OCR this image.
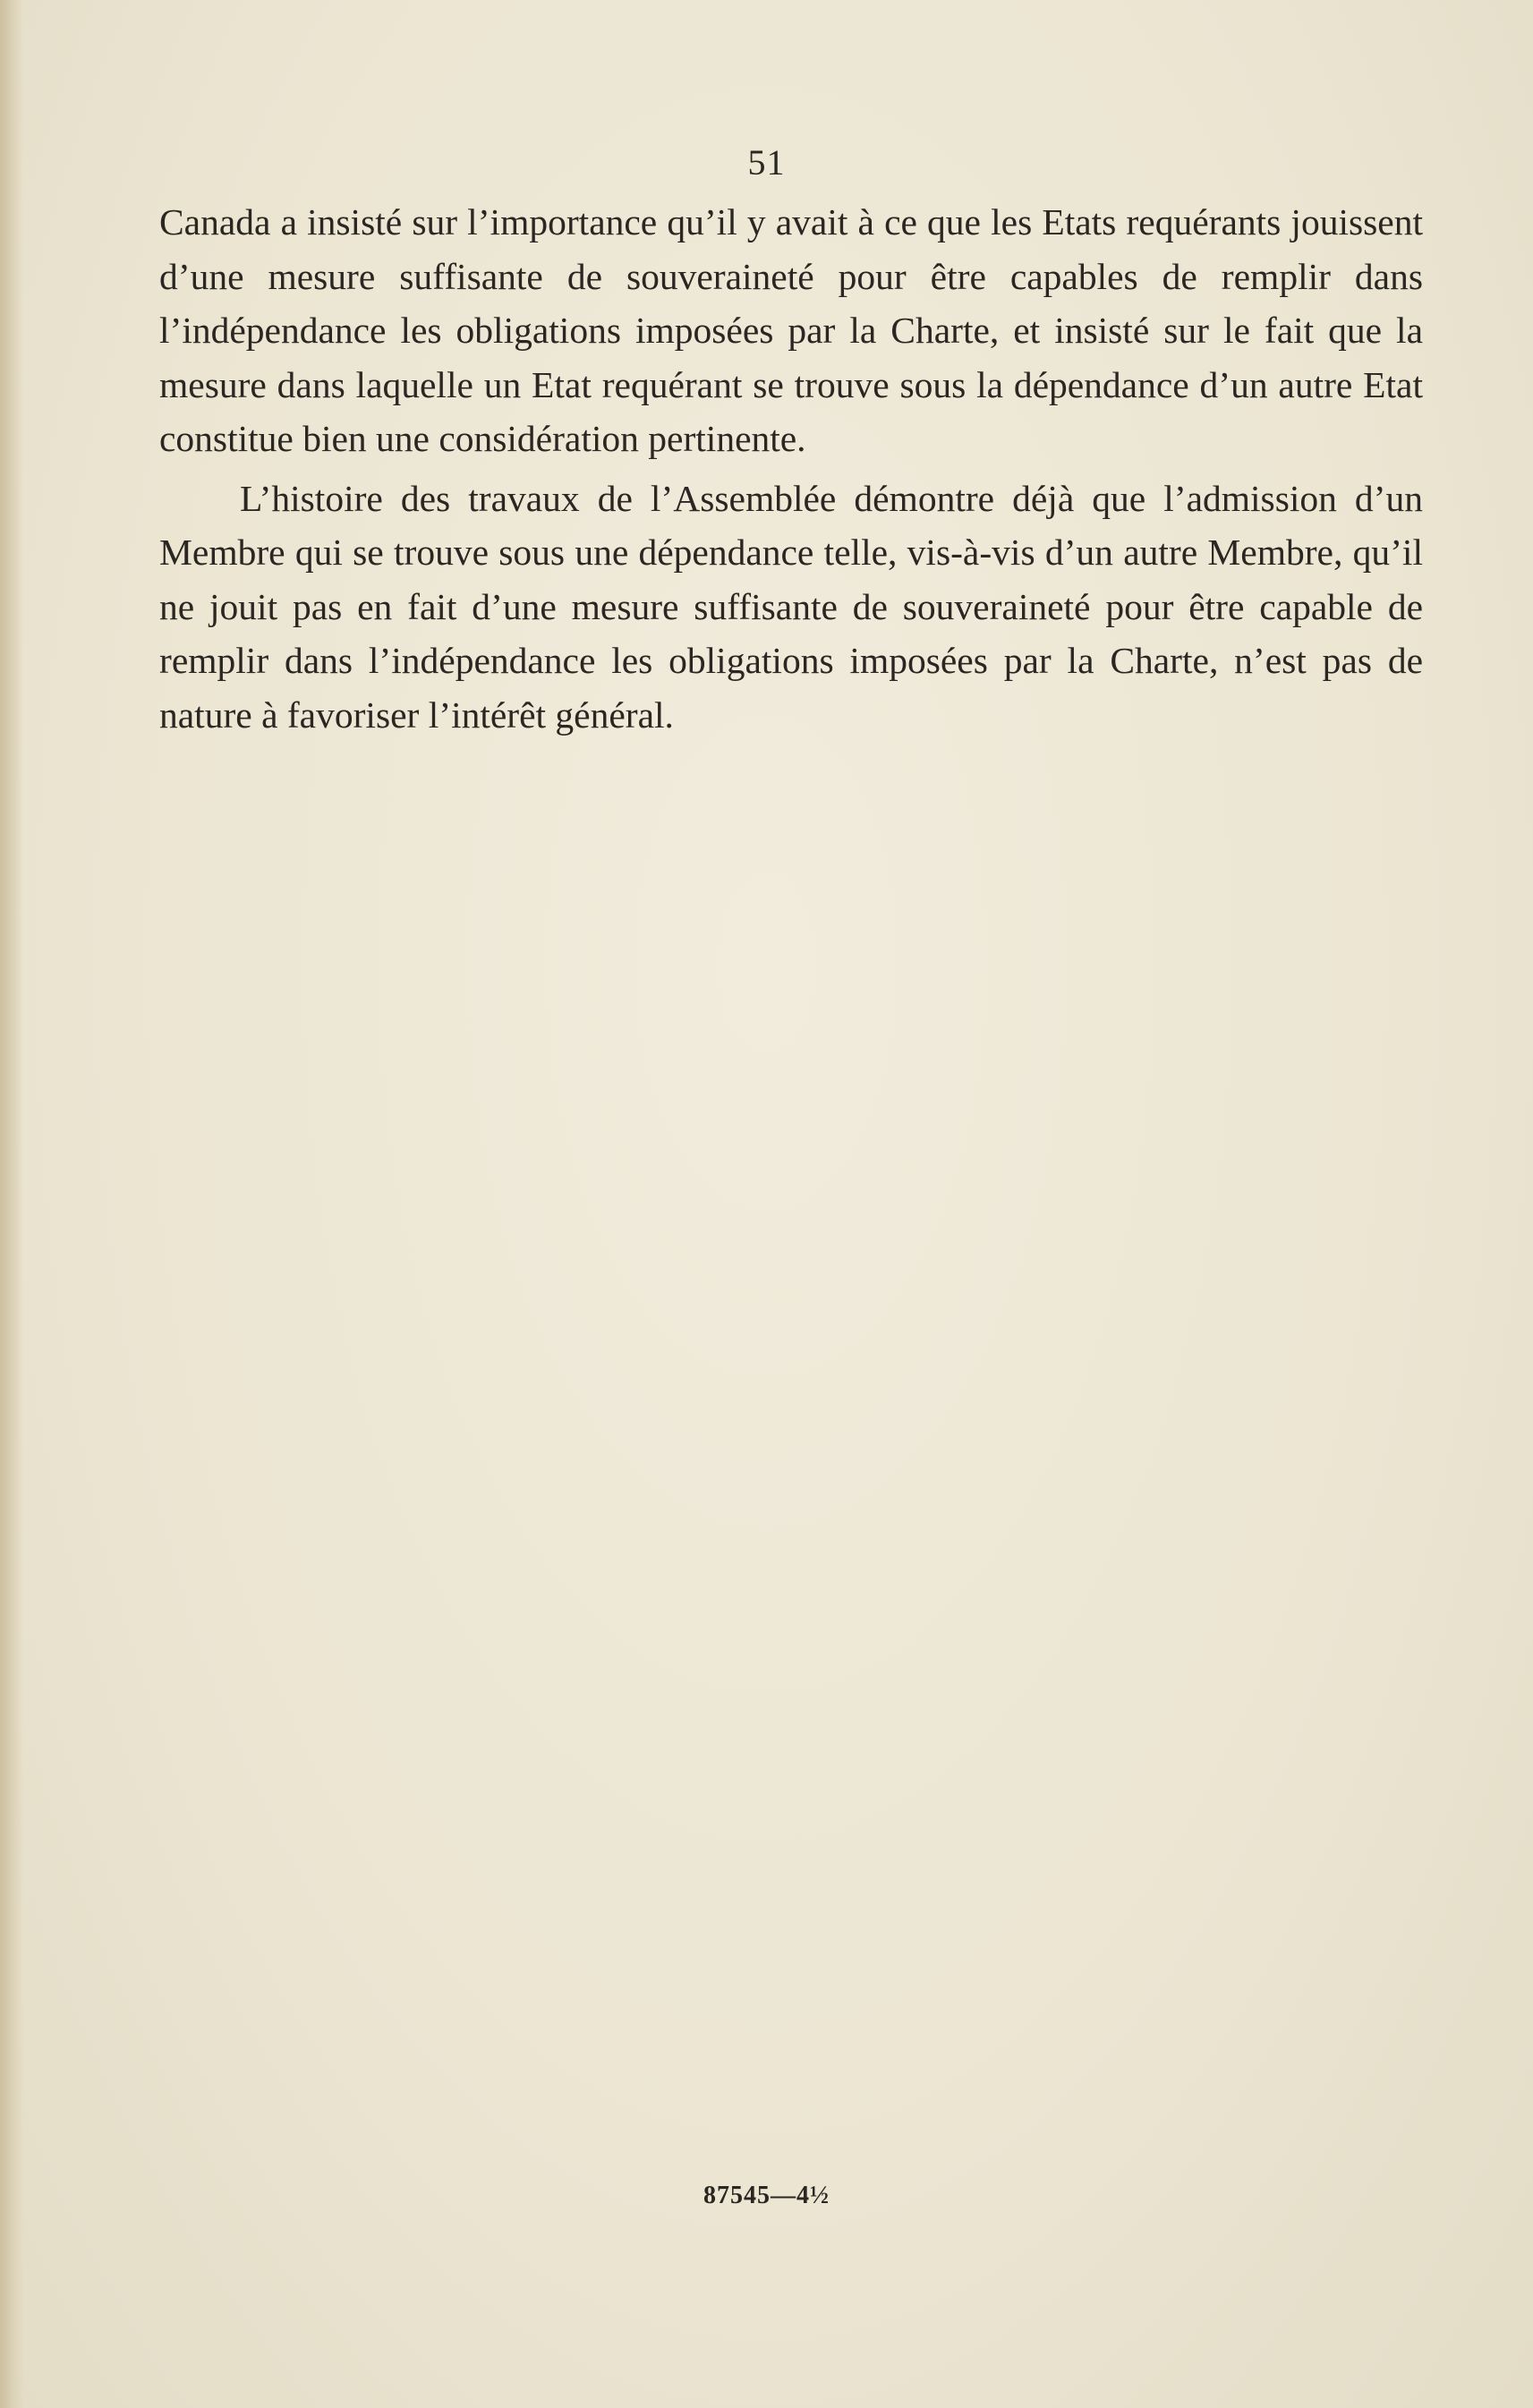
51

Canada a insisté sur l’importance qu’il y avait à ce que les Etats requérants jouissent d’une mesure suffisante de souveraineté pour être capables de remplir dans l’indépendance les obligations imposées par la Charte, et insisté sur le fait que la mesure dans laquelle un Etat requérant se trouve sous la dépendance d’un autre Etat constitue bien une considération pertinente.

L’histoire des travaux de l’Assemblée démontre déjà que l’admission d’un Membre qui se trouve sous une dépendance telle, vis-à-vis d’un autre Membre, qu’il ne jouit pas en fait d’une mesure suffisante de souveraineté pour être capable de remplir dans l’indépendance les obligations imposées par la Charte, n’est pas de nature à favoriser l’intérêt général.

87545—4½
